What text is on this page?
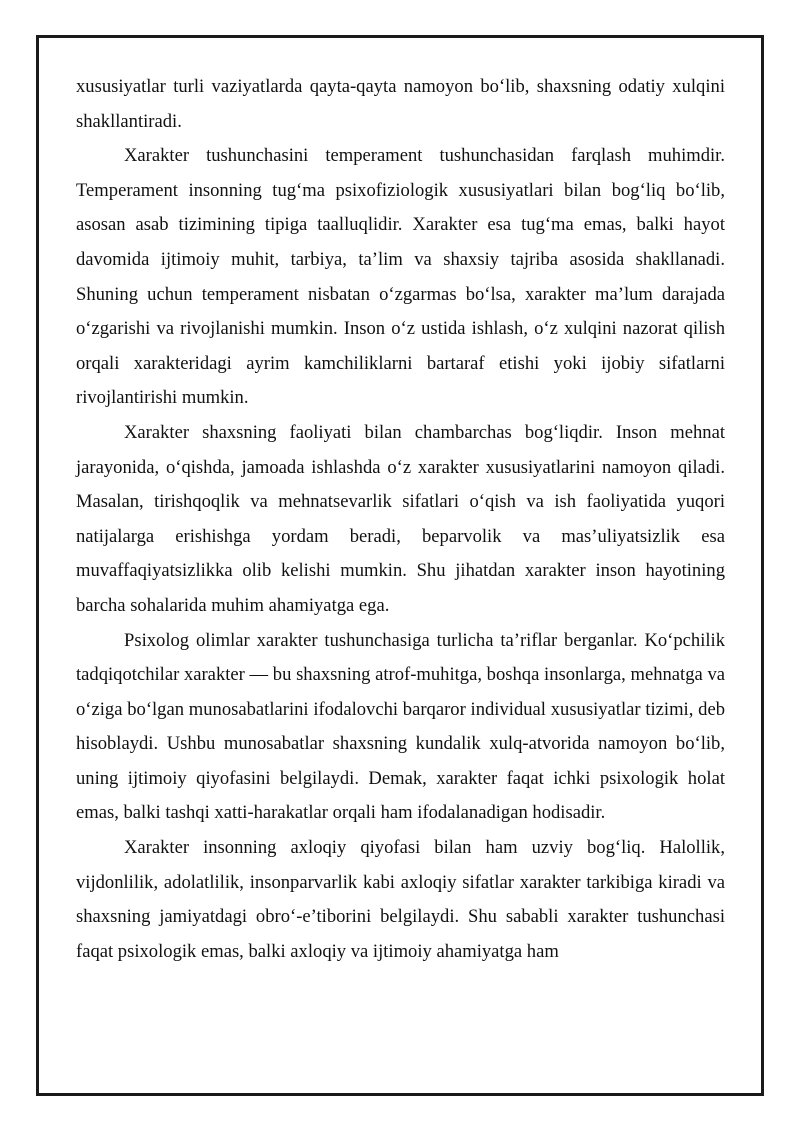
xususiyatlar turli vaziyatlarda qayta-qayta namoyon bo‘lib, shaxsning odatiy xulqini shakllantiradi.

Xarakter tushunchasini temperament tushunchasidan farqlash muhimdir. Temperament insonning tug‘ma psixofiziologik xususiyatlari bilan bog‘liq bo‘lib, asosan asab tizimining tipiga taalluqlidir. Xarakter esa tug‘ma emas, balki hayot davomida ijtimoiy muhit, tarbiya, ta’lim va shaxsiy tajriba asosida shakllanadi. Shuning uchun temperament nisbatan o‘zgarmas bo‘lsa, xarakter ma’lum darajada o‘zgarishi va rivojlanishi mumkin. Inson o‘z ustida ishlash, o‘z xulqini nazorat qilish orqali xarakteridagi ayrim kamchiliklarni bartaraf etishi yoki ijobiy sifatlarni rivojlantirishi mumkin.

Xarakter shaxsning faoliyati bilan chambarchas bog‘liqdir. Inson mehnat jarayonida, o‘qishda, jamoada ishlashda o‘z xarakter xususiyatlarini namoyon qiladi. Masalan, tirishqoqlik va mehnatsevarlik sifatlari o‘qish va ish faoliyatida yuqori natijalarga erishishga yordam beradi, beparvolik va mas’uliyatsizlik esa muvaffaqiyatsizlikka olib kelishi mumkin. Shu jihatdan xarakter inson hayotining barcha sohalarida muhim ahamiyatga ega.

Psixolog olimlar xarakter tushunchasiga turlicha ta’riflar berganlar. Ko‘pchilik tadqiqotchilar xarakter — bu shaxsning atrof-muhitga, boshqa insonlarga, mehnatga va o‘ziga bo‘lgan munosabatlarini ifodalovchi barqaror individual xususiyatlar tizimi, deb hisoblaydi. Ushbu munosabatlar shaxsning kundalik xulq-atvorida namoyon bo‘lib, uning ijtimoiy qiyofasini belgilaydi. Demak, xarakter faqat ichki psixologik holat emas, balki tashqi xatti-harakatlar orqali ham ifodalanadigan hodisadir.

Xarakter insonning axloqiy qiyofasi bilan ham uzviy bog‘liq. Halollik, vijdonlilik, adolatlilik, insonparvarlik kabi axloqiy sifatlar xarakter tarkibiga kiradi va shaxsning jamiyatdagi obro‘-e’tiborini belgilaydi. Shu sababli xarakter tushunchasi faqat psixologik emas, balki axloqiy va ijtimoiy ahamiyatga ham
